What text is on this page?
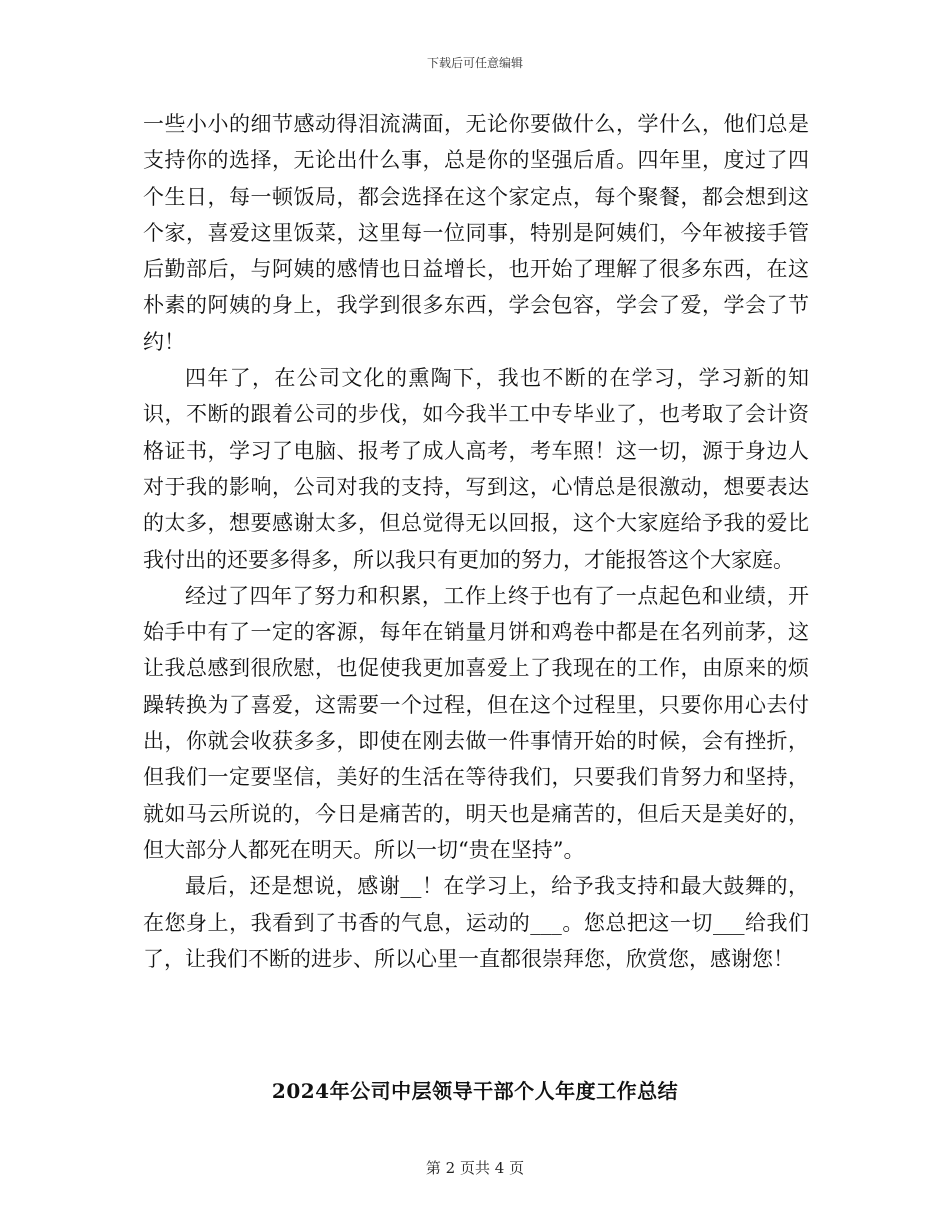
下载后可任意编辑

一些小小的细节感动得泪流满面，无论你要做什么，学什么，他们总是支持你的选择，无论出什么事，总是你的坚强后盾。四年里，度过了四个生日，每一顿饭局，都会选择在这个家定点，每个聚餐，都会想到这个家，喜爱这里饭菜，这里每一位同事，特别是阿姨们，今年被接手管后勤部后，与阿姨的感情也日益增长，也开始了理解了很多东西，在这朴素的阿姨的身上，我学到很多东西，学会包容，学会了爱，学会了节约！

四年了，在公司文化的熏陶下，我也不断的在学习，学习新的知识，不断的跟着公司的步伐，如今我半工中专毕业了，也考取了会计资格证书，学习了电脑、报考了成人高考，考车照！这一切，源于身边人对于我的影响，公司对我的支持，写到这，心情总是很激动，想要表达的太多，想要感谢太多，但总觉得无以回报，这个大家庭给予我的爱比我付出的还要多得多，所以我只有更加的努力，才能报答这个大家庭。

经过了四年了努力和积累，工作上终于也有了一点起色和业绩，开始手中有了一定的客源，每年在销量月饼和鸡卷中都是在名列前茅，这让我总感到很欣慰，也促使我更加喜爱上了我现在的工作，由原来的烦躁转换为了喜爱，这需要一个过程，但在这个过程里，只要你用心去付出，你就会收获多多，即使在刚去做一件事情开始的时候，会有挫折，但我们一定要坚信，美好的生活在等待我们，只要我们肯努力和坚持，就如马云所说的，今日是痛苦的，明天也是痛苦的，但后天是美好的，但大部分人都死在明天。所以一切“贵在坚持”。

最后，还是想说，感谢__！在学习上，给予我支持和最大鼓舞的，在您身上，我看到了书香的气息，运动的___。您总把这一切___给我们了，让我们不断的进步、所以心里一直都很崇拜您，欣赏您，感谢您！

2024年公司中层领导干部个人年度工作总结
第 2 页共 4 页
